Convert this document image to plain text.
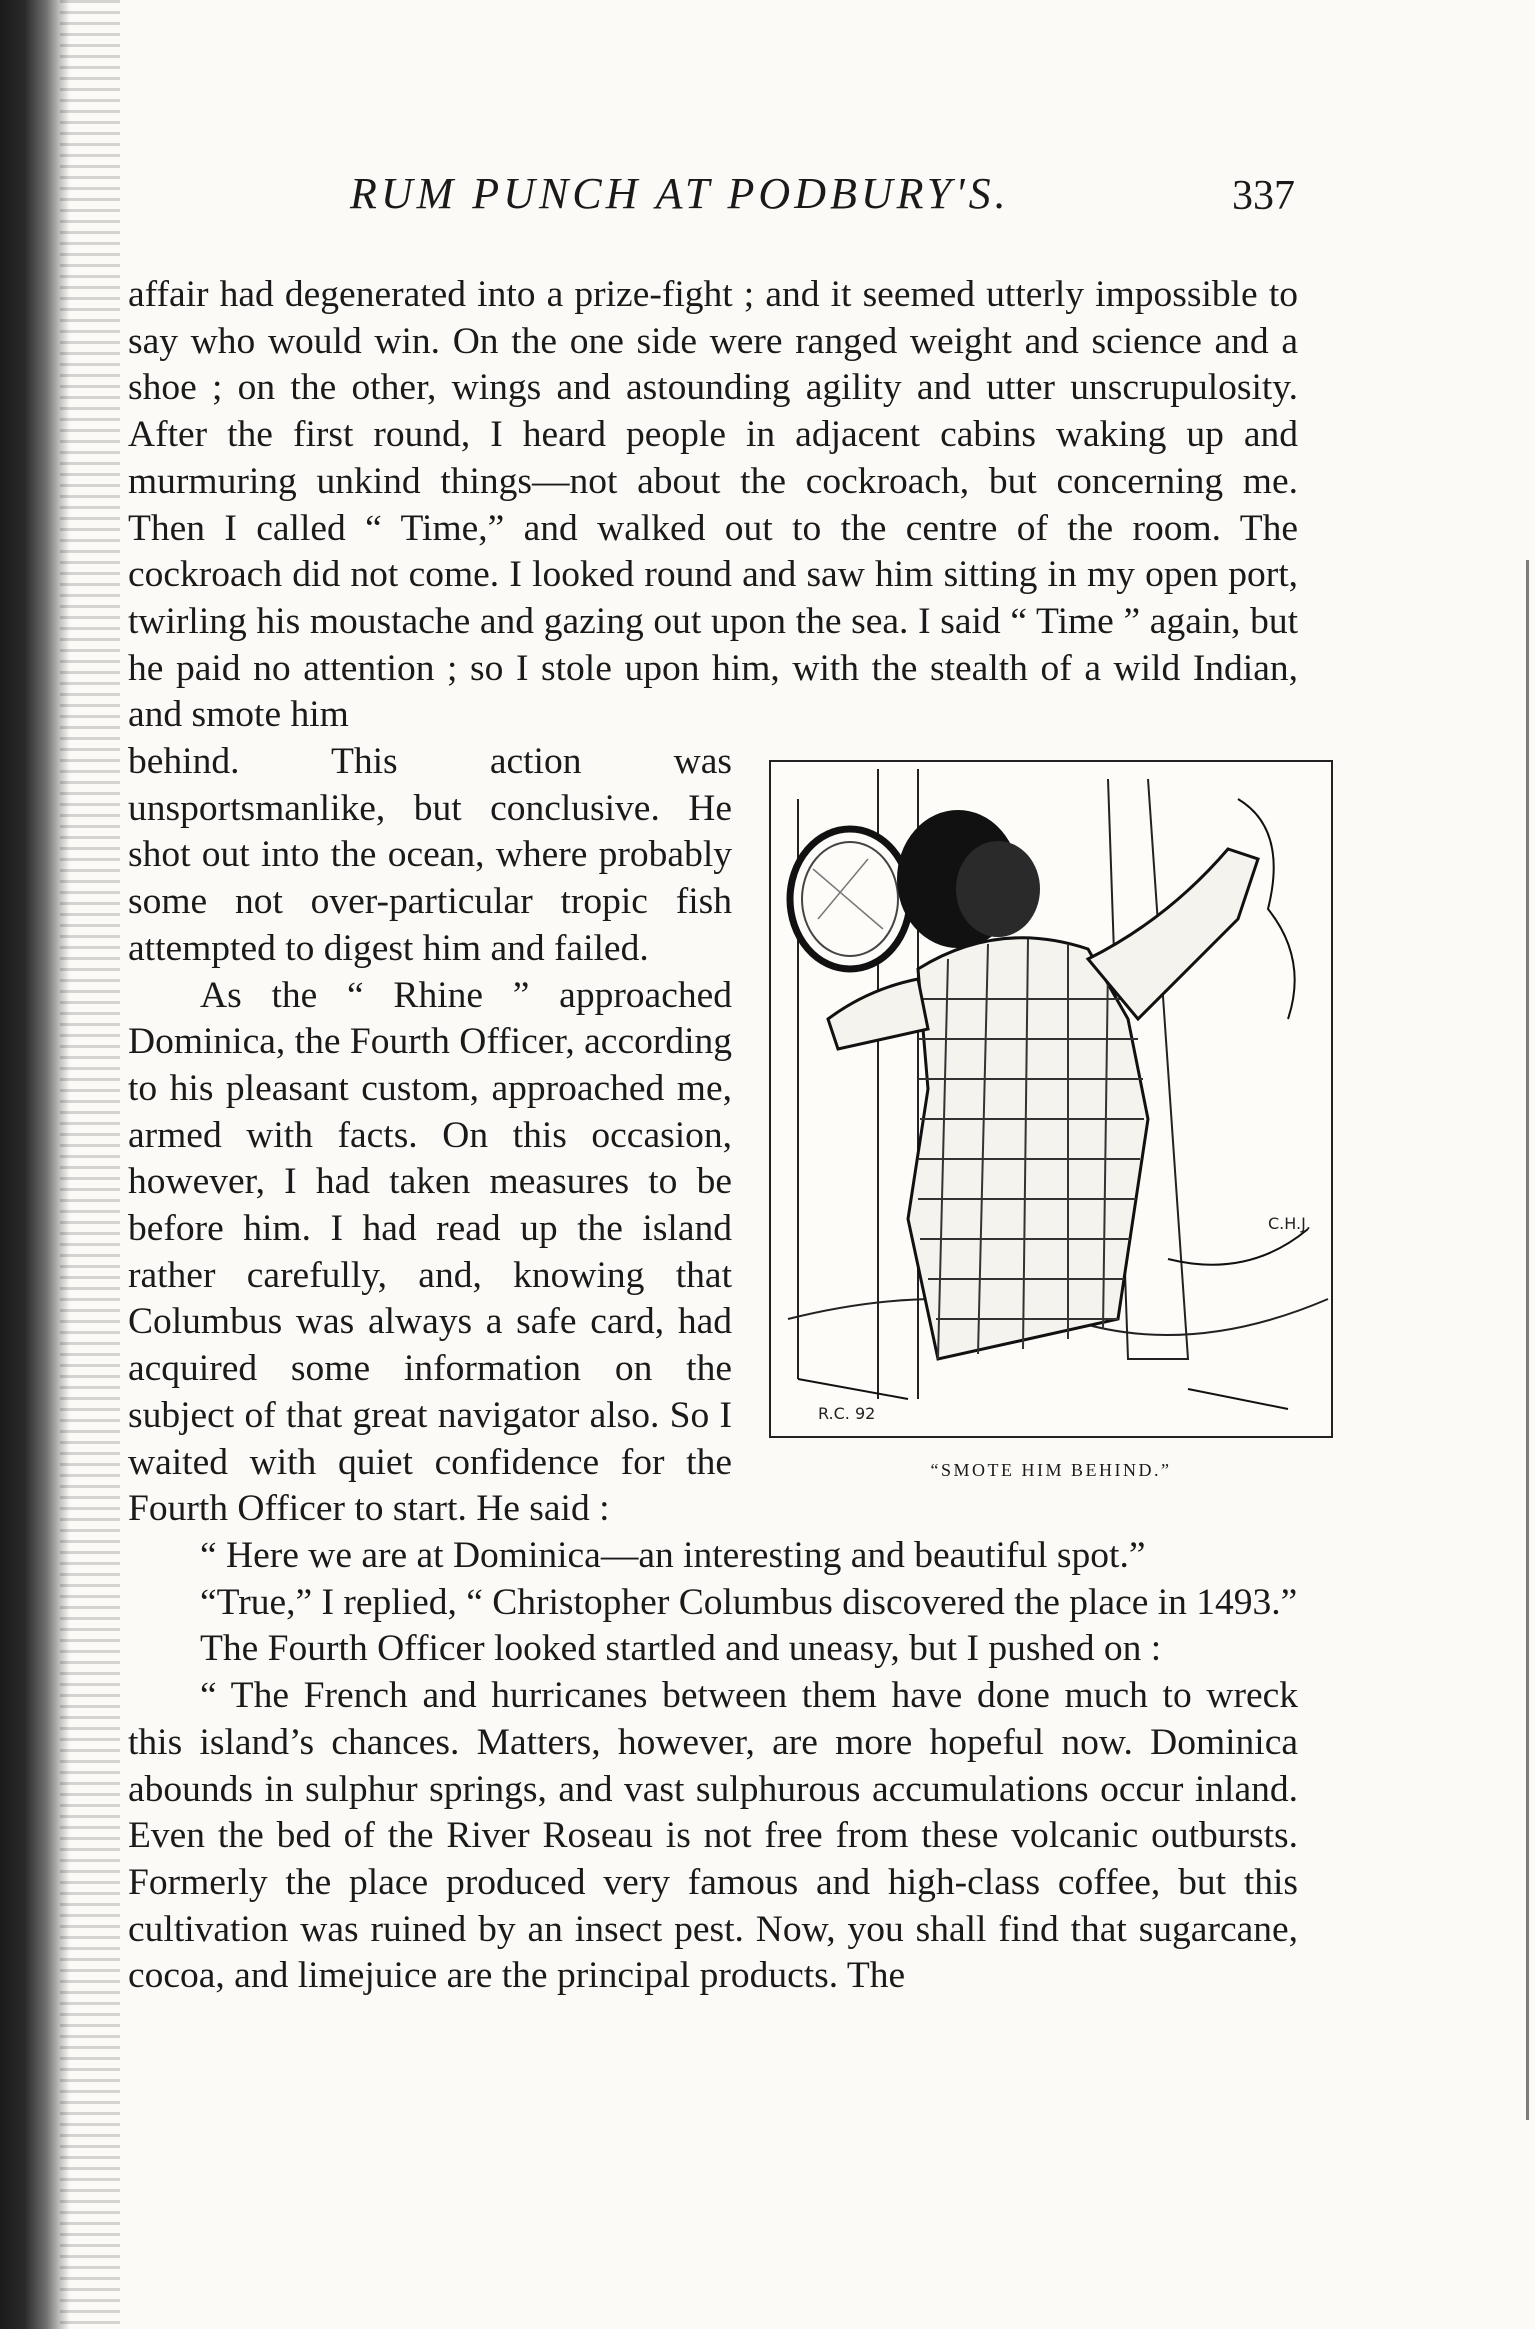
RUM PUNCH AT PODBURY'S.	337

affair had degenerated into a prize-fight ; and it seemed utterly impossible to say who would win. On the one side were ranged weight and science and a shoe ; on the other, wings and astounding agility and utter unscrupulosity. After the first round, I heard people in adjacent cabins waking up and murmuring unkind things—not about the cockroach, but concerning me. Then I called “ Time,” and walked out to the centre of the room. The cockroach did not come. I looked round and saw him sitting in my open port, twirling his moustache and gazing out upon the sea. I said “ Time ” again, but he paid no attention ; so I stole upon him, with the stealth of a wild Indian, and smote him

R.C. 92
C.H.J.
“SMOTE HIM BEHIND.”

behind. This action was unsportsmanlike, but conclusive. He shot out into the ocean, where probably some not over-particular tropic fish attempted to digest him and failed.

As the “ Rhine ” approached Dominica, the Fourth Officer, according to his pleasant custom, approached me, armed with facts. On this occasion, however, I had taken measures to be before him. I had read up the island rather carefully, and, knowing that Columbus was always a safe card, had acquired some information on the subject of that great navigator also. So I waited with quiet confidence for the Fourth Officer to start. He said :

“ Here we are at Dominica—an interesting and beautiful spot.”

“True,” I replied, “ Christopher Columbus discovered the place in 1493.”

The Fourth Officer looked startled and uneasy, but I pushed on :

“ The French and hurricanes between them have done much to wreck this island’s chances. Matters, however, are more hopeful now. Dominica abounds in sulphur springs, and vast sulphurous accumulations occur inland. Even the bed of the River Roseau is not free from these volcanic outbursts. Formerly the place produced very famous and high-class coffee, but this cultivation was ruined by an insect pest. Now, you shall find that sugarcane, cocoa, and limejuice are the principal products. The
